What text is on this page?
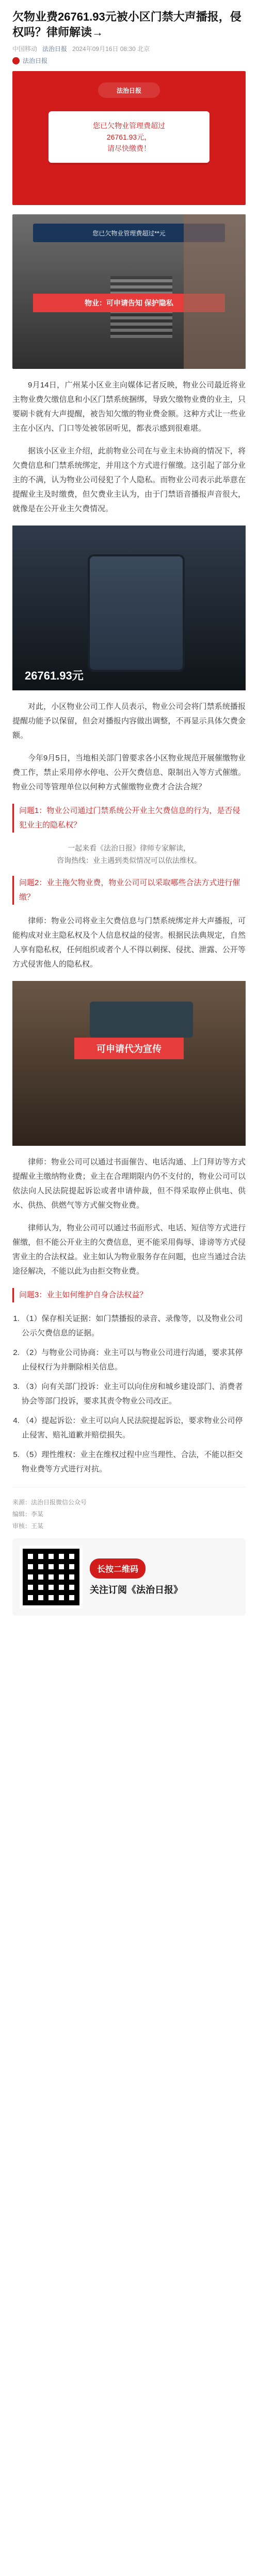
欠物业费26761.93元被小区门禁大声播报，侵权吗？律师解读→
中国移动 法治日报 2024年09月16日 08:30 北京
法治日报
法治日报
您已欠物业管理费超过
26761.93元，
请尽快缴费！
您已欠物业管理费超过**元
物业：可申请告知 保护隐私

9月14日，广州某小区业主向媒体记者反映，物业公司最近将业主物业费欠缴信息和小区门禁系统捆绑，导致欠缴物业费的业主，只要刷卡就有大声提醒，被告知欠缴的物业费金额。这种方式让一些业主在小区内、门口等处被邻居听见，都表示感到很难堪。

据该小区业主介绍，此前物业公司在与业主未协商的情况下，将欠费信息和门禁系统绑定，并用这个方式进行催缴。这引起了部分业主的不满，认为物业公司侵犯了个人隐私。而物业公司表示此举意在提醒业主及时缴费，但欠费业主认为，由于门禁语音播报声音很大，就像是在公开业主欠费情况。

26761.93元

对此，小区物业公司工作人员表示，物业公司会将门禁系统播报提醒功能予以保留，但会对播报内容做出调整，不再显示具体欠费金额。

今年9月5日，当地相关部门曾要求各小区物业规范开展催缴物业费工作，禁止采用停水停电、公开欠费信息、限制出入等方式催缴。物业公司等管理单位以何种方式催缴物业费才合法合规？

问题1：物业公司通过门禁系统公开业主欠费信息的行为，是否侵犯业主的隐私权？
一起来看《法治日报》律师专家解读，
咨询热线：业主遇到类似情况可以依法维权。
问题2：业主拖欠物业费，物业公司可以采取哪些合法方式进行催缴？

律师：物业公司将业主欠费信息与门禁系统绑定并大声播报，可能构成对业主隐私权及个人信息权益的侵害。根据民法典规定，自然人享有隐私权，任何组织或者个人不得以刺探、侵扰、泄露、公开等方式侵害他人的隐私权。

可申请代为宣传

律师：物业公司可以通过书面催告、电话沟通、上门拜访等方式提醒业主缴纳物业费；业主在合理期限内仍不支付的，物业公司可以依法向人民法院提起诉讼或者申请仲裁，但不得采取停止供电、供水、供热、供燃气等方式催交物业费。

律师认为，物业公司可以通过书面形式、电话、短信等方式进行催缴，但不能公开业主的欠费信息，更不能采用侮辱、诽谤等方式侵害业主的合法权益。业主如认为物业服务存在问题，也应当通过合法途径解决，不能以此为由拒交物业费。

问题3：业主如何维护自身合法权益？
1. （1）保存相关证据：如门禁播报的录音、录像等，以及物业公司公示欠费信息的证据。
2. （2）与物业公司协商：业主可以与物业公司进行沟通，要求其停止侵权行为并删除相关信息。
3. （3）向有关部门投诉：业主可以向住房和城乡建设部门、消费者协会等部门投诉，要求其责令物业公司改正。
4. （4）提起诉讼：业主可以向人民法院提起诉讼，要求物业公司停止侵害、赔礼道歉并赔偿损失。
5. （5）理性维权：业主在维权过程中应当理性、合法，不能以拒交物业费等方式进行对抗。
来源：法治日报微信公众号
编辑：李某
审核：王某
长按二维码
关注订阅《法治日报》
